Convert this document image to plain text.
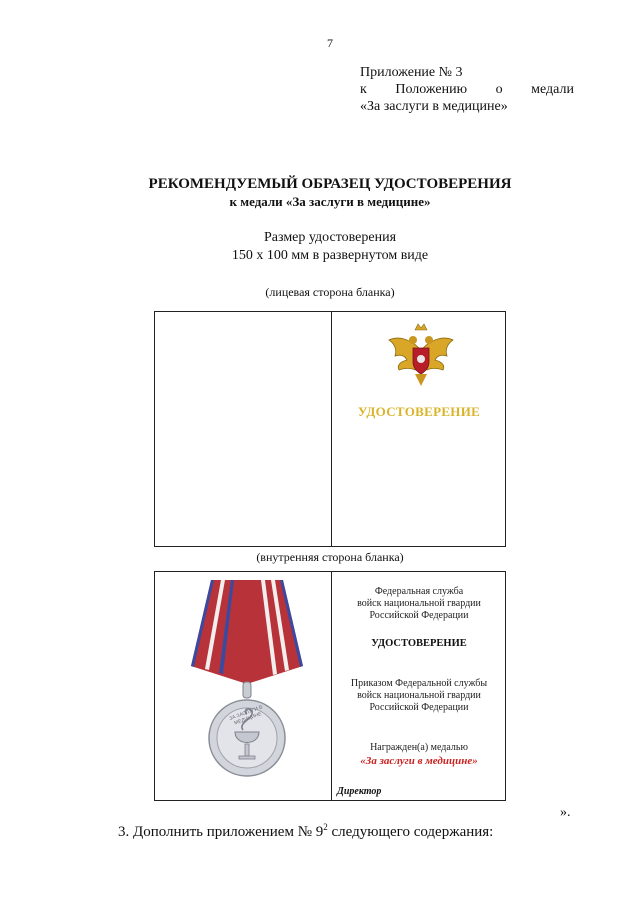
7
Приложение № 3
к Положению о медали
«За заслуги в медицине»
РЕКОМЕНДУЕМЫЙ ОБРАЗЕЦ УДОСТОВЕРЕНИЯ
к медали «За заслуги в медицине»
Размер удостоверения
150 х 100 мм в развернутом виде
(лицевая сторона бланка)
УДОСТОВЕРЕНИЕ
(внутренняя сторона бланка)
ЗА ЗАСЛУГИ В МЕДИЦИНЕ
Федеральная служба
войск национальной гвардии
Российской Федерации
УДОСТОВЕРЕНИЕ
Приказом Федеральной службы
войск национальной гвардии
Российской Федерации
Награжден(а) медалью
«За заслуги в медицине»
Директор
».
3. Дополнить приложением № $9^2$ следующего содержания:
